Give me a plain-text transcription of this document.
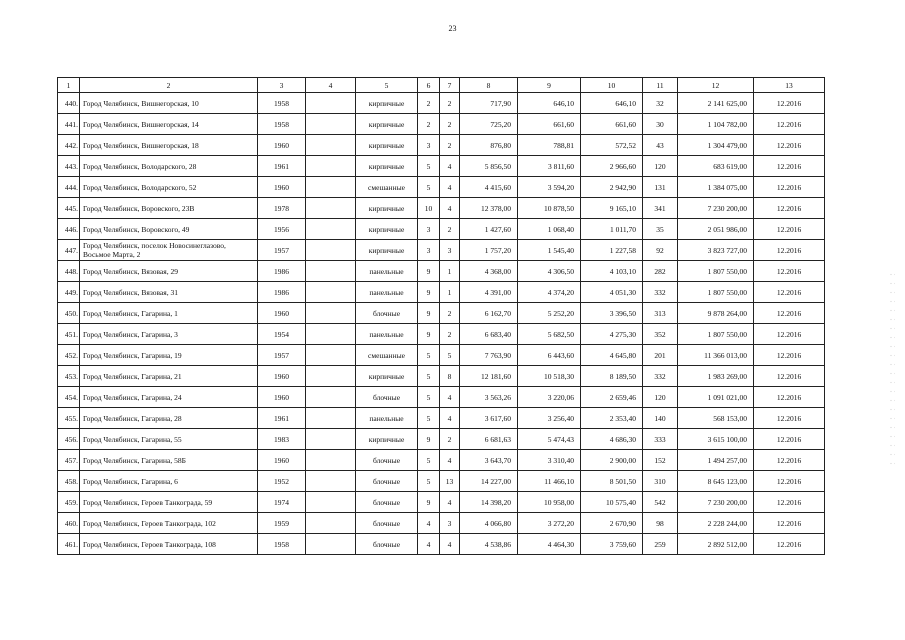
23
1	2	3	4	5	6	7	8	9	10	11	12	13
440.	Город Челябинск, Вишнегорская, 10	1958		кирпичные	2	2	717,90	646,10	646,10	32	2 141 625,00	12.2016
441.	Город Челябинск, Вишнегорская, 14	1958		кирпичные	2	2	725,20	661,60	661,60	30	1 104 782,00	12.2016
442.	Город Челябинск, Вишнегорская, 18	1960		кирпичные	3	2	876,80	788,81	572,52	43	1 304 479,00	12.2016
443.	Город Челябинск, Володарского, 28	1961		кирпичные	5	4	5 856,50	3 811,60	2 966,60	120	683 619,00	12.2016
444.	Город Челябинск, Володарского, 52	1960		смешанные	5	4	4 415,60	3 594,20	2 942,90	131	1 384 075,00	12.2016
445.	Город Челябинск, Воровского, 23В	1978		кирпичные	10	4	12 378,00	10 878,50	9 165,10	341	7 230 200,00	12.2016
446.	Город Челябинск, Воровского, 49	1956		кирпичные	3	2	1 427,60	1 068,40	1 011,70	35	2 051 986,00	12.2016
447.	Город Челябинск, поселок Новосинеглазово, Восьмое Марта, 2	1957		кирпичные	3	3	1 757,20	1 545,40	1 227,58	92	3 823 727,00	12.2016
448.	Город Челябинск, Вязовая, 29	1986		панельные	9	1	4 368,00	4 306,50	4 103,10	282	1 807 550,00	12.2016
449.	Город Челябинск, Вязовая, 31	1986		панельные	9	1	4 391,00	4 374,20	4 051,30	332	1 807 550,00	12.2016
450.	Город Челябинск, Гагарина, 1	1960		блочные	9	2	6 162,70	5 252,20	3 396,50	313	9 878 264,00	12.2016
451.	Город Челябинск, Гагарина, 3	1954		панельные	9	2	6 683,40	5 682,50	4 275,30	352	1 807 550,00	12.2016
452.	Город Челябинск, Гагарина, 19	1957		смешанные	5	5	7 763,90	6 443,60	4 645,80	201	11 366 013,00	12.2016
453.	Город Челябинск, Гагарина, 21	1960		кирпичные	5	8	12 181,60	10 518,30	8 189,50	332	1 983 269,00	12.2016
454.	Город Челябинск, Гагарина, 24	1960		блочные	5	4	3 563,26	3 220,06	2 659,46	120	1 091 021,00	12.2016
455.	Город Челябинск, Гагарина, 28	1961		панельные	5	4	3 617,60	3 256,40	2 353,40	140	568 153,00	12.2016
456.	Город Челябинск, Гагарина, 55	1983		кирпичные	9	2	6 681,63	5 474,43	4 686,30	333	3 615 100,00	12.2016
457.	Город Челябинск, Гагарина, 58Б	1960		блочные	5	4	3 643,70	3 310,40	2 900,00	152	1 494 257,00	12.2016
458.	Город Челябинск, Гагарина, 6	1952		блочные	5	13	14 227,00	11 466,10	8 501,50	310	8 645 123,00	12.2016
459.	Город Челябинск, Героев Танкограда, 59	1974		блочные	9	4	14 398,20	10 958,00	10 575,40	542	7 230 200,00	12.2016
460.	Город Челябинск, Героев Танкограда, 102	1959		блочные	4	3	4 066,80	3 272,20	2 670,90	98	2 228 244,00	12.2016
461.	Город Челябинск, Героев Танкограда, 108	1958		блочные	4	4	4 538,86	4 464,30	3 759,60	259	2 892 512,00	12.2016
